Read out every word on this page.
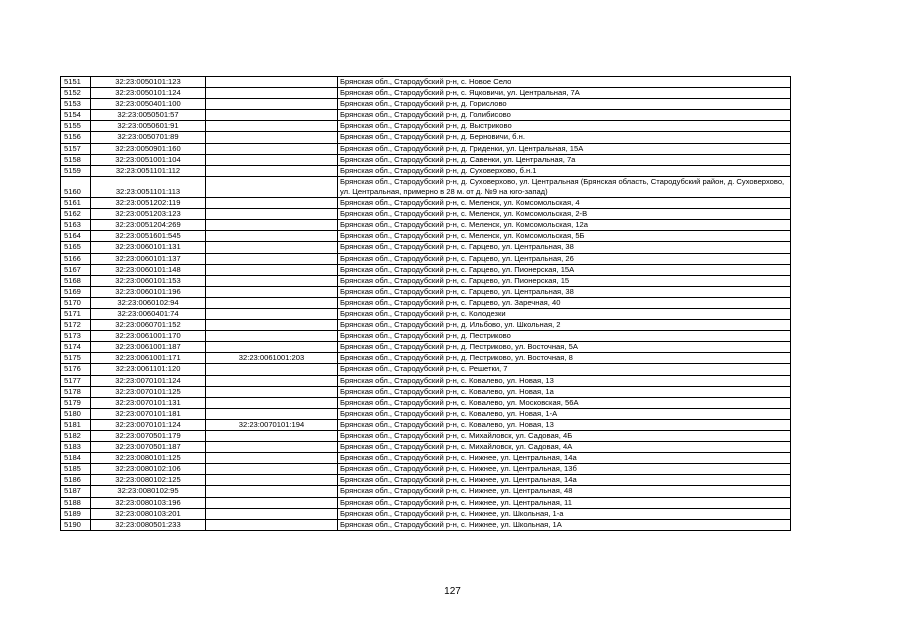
5151	32:23:0050101:123		Брянская обл., Стародубский р-н, с. Новое Село
5152	32:23:0050101:124		Брянская обл., Стародубский р-н, с. Яцковичи, ул. Центральная, 7А
5153	32:23:0050401:100		Брянская обл., Стародубский р-н, д. Горислово
5154	32:23:0050501:57		Брянская обл., Стародубский р-н, д. Голибисово
5155	32:23:0050601:91		Брянская обл., Стародубский р-н, д. Выстриково
5156	32:23:0050701:89		Брянская обл., Стародубский р-н, д. Берновичи, б.н.
5157	32:23:0050901:160		Брянская обл., Стародубский р-н, д. Гриденки, ул. Центральная, 15А
5158	32:23:0051001:104		Брянская обл., Стародубский р-н, д. Савенки, ул. Центральная, 7а
5159	32:23:0051101:112		Брянская обл., Стародубский р-н, д. Суховерхово, б.н.1
5160	32:23:0051101:113		Брянская обл., Стародубский р-н, д. Суховерхово, ул. Центральная (Брянская область, Стародубский район, д. Суховерхово, ул. Центральная, примерно в 28 м. от д. №9 на юго-запад)
5161	32:23:0051202:119		Брянская обл., Стародубский р-н, с. Меленск, ул. Комсомольская, 4
5162	32:23:0051203:123		Брянская обл., Стародубский р-н, с. Меленск, ул. Комсомольская, 2-В
5163	32:23:0051204:269		Брянская обл., Стародубский р-н, с. Меленск, ул. Комсомольская, 12а
5164	32:23:0051601:545		Брянская обл., Стародубский р-н, с. Меленск, ул. Комсомольская, 5Б
5165	32:23:0060101:131		Брянская обл., Стародубский р-н, с. Гарцево, ул. Центральная, 38
5166	32:23:0060101:137		Брянская обл., Стародубский р-н, с. Гарцево, ул. Центральная, 26
5167	32:23:0060101:148		Брянская обл., Стародубский р-н, с. Гарцево, ул. Пионерская, 15А
5168	32:23:0060101:153		Брянская обл., Стародубский р-н, с. Гарцево, ул. Пионерская, 15
5169	32:23:0060101:196		Брянская обл., Стародубский р-н, с. Гарцево, ул. Центральная, 38
5170	32:23:0060102:94		Брянская обл., Стародубский р-н, с. Гарцево, ул. Заречная, 40
5171	32:23:0060401:74		Брянская обл., Стародубский р-н, с. Колодезки
5172	32:23:0060701:152		Брянская обл., Стародубский р-н, д. Ильбово, ул. Школьная, 2
5173	32:23:0061001:170		Брянская обл., Стародубский р-н, д. Пестриково
5174	32:23:0061001:187		Брянская обл., Стародубский р-н, д. Пестриково, ул. Восточная, 5А
5175	32:23:0061001:171	32:23:0061001:203	Брянская обл., Стародубский р-н, д. Пестриково, ул. Восточная, 8
5176	32:23:0061101:120		Брянская обл., Стародубский р-н, с. Решетки, 7
5177	32:23:0070101:124		Брянская обл., Стародубский р-н, с. Ковалево, ул. Новая, 13
5178	32:23:0070101:125		Брянская обл., Стародубский р-н, с. Ковалево, ул. Новая, 1а
5179	32:23:0070101:131		Брянская обл., Стародубский р-н, с. Ковалево, ул. Московская, 56А
5180	32:23:0070101:181		Брянская обл., Стародубский р-н, с. Ковалево, ул. Новая, 1-А
5181	32:23:0070101:124	32:23:0070101:194	Брянская обл., Стародубский р-н, с. Ковалево, ул. Новая, 13
5182	32:23:0070501:179		Брянская обл., Стародубский р-н, с. Михайловск, ул. Садовая, 4Б
5183	32:23:0070501:187		Брянская обл., Стародубский р-н, с. Михайловск, ул. Садовая, 4А
5184	32:23:0080101:125		Брянская обл., Стародубский р-н, с. Нижнее, ул. Центральная, 14а
5185	32:23:0080102:106		Брянская обл., Стародубский р-н, с. Нижнее, ул. Центральная, 13б
5186	32:23:0080102:125		Брянская обл., Стародубский р-н, с. Нижнее, ул. Центральная, 14а
5187	32:23:0080102:95		Брянская обл., Стародубский р-н, с. Нижнее, ул. Центральная, 48
5188	32:23:0080103:196		Брянская обл., Стародубский р-н, с. Нижнее, ул. Центральная, 11
5189	32:23:0080103:201		Брянская обл., Стародубский р-н, с. Нижнее, ул. Школьная, 1-а
5190	32:23:0080501:233		Брянская обл., Стародубский р-н, с. Нижнее, ул. Школьная, 1А
127
